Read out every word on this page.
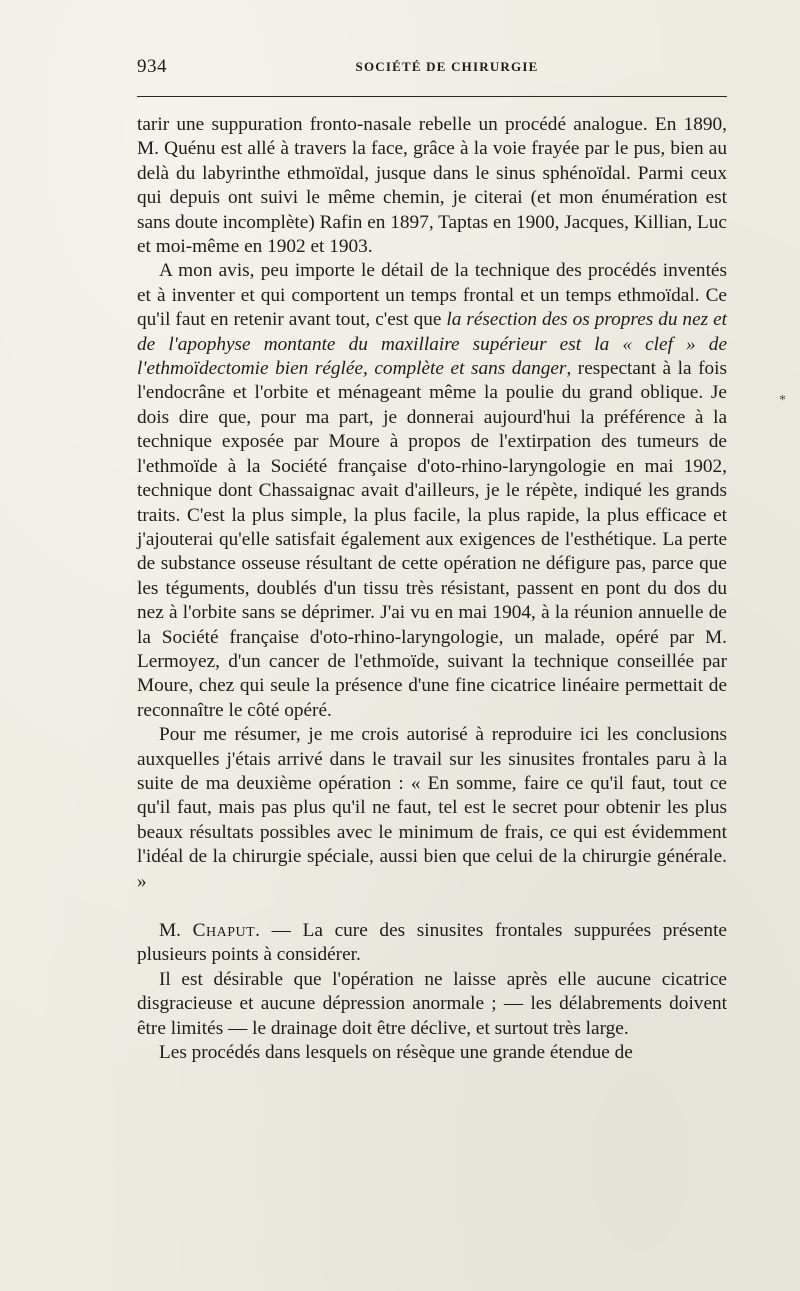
934	SOCIÉTÉ DE CHIRURGIE

tarir une suppuration fronto-nasale rebelle un procédé analogue. En 1890, M. Quénu est allé à travers la face, grâce à la voie frayée par le pus, bien au delà du labyrinthe ethmoïdal, jusque dans le sinus sphénoïdal. Parmi ceux qui depuis ont suivi le même chemin, je citerai (et mon énumération est sans doute incomplète) Rafin en 1897, Taptas en 1900, Jacques, Killian, Luc et moi-même en 1902 et 1903.

A mon avis, peu importe le détail de la technique des procédés inventés et à inventer et qui comportent un temps frontal et un temps ethmoïdal. Ce qu'il faut en retenir avant tout, c'est que la résection des os propres du nez et de l'apophyse montante du maxillaire supérieur est la « clef » de l'ethmoïdectomie bien réglée, complète et sans danger, respectant à la fois l'endocrâne et l'orbite et ménageant même la poulie du grand oblique. Je dois dire que, pour ma part, je donnerai aujourd'hui la préférence à la technique exposée par Moure à propos de l'extirpation des tumeurs de l'ethmoïde à la Société française d'oto-rhino-laryngologie en mai 1902, technique dont Chassaignac avait d'ailleurs, je le répète, indiqué les grands traits. C'est la plus simple, la plus facile, la plus rapide, la plus efficace et j'ajouterai qu'elle satisfait également aux exigences de l'esthétique. La perte de substance osseuse résultant de cette opération ne défigure pas, parce que les téguments, doublés d'un tissu très résistant, passent en pont du dos du nez à l'orbite sans se déprimer. J'ai vu en mai 1904, à la réunion annuelle de la Société française d'oto-rhino-laryngologie, un malade, opéré par M. Lermoyez, d'un cancer de l'ethmoïde, suivant la technique conseillée par Moure, chez qui seule la présence d'une fine cicatrice linéaire permettait de reconnaître le côté opéré.

Pour me résumer, je me crois autorisé à reproduire ici les conclusions auxquelles j'étais arrivé dans le travail sur les sinusites frontales paru à la suite de ma deuxième opération : « En somme, faire ce qu'il faut, tout ce qu'il faut, mais pas plus qu'il ne faut, tel est le secret pour obtenir les plus beaux résultats possibles avec le minimum de frais, ce qui est évidemment l'idéal de la chirurgie spéciale, aussi bien que celui de la chirurgie générale. »

M. Chaput. — La cure des sinusites frontales suppurées présente plusieurs points à considérer.

Il est désirable que l'opération ne laisse après elle aucune cicatrice disgracieuse et aucune dépression anormale ; — les délabrements doivent être limités — le drainage doit être déclive, et surtout très large.

Les procédés dans lesquels on résèque une grande étendue de

*
